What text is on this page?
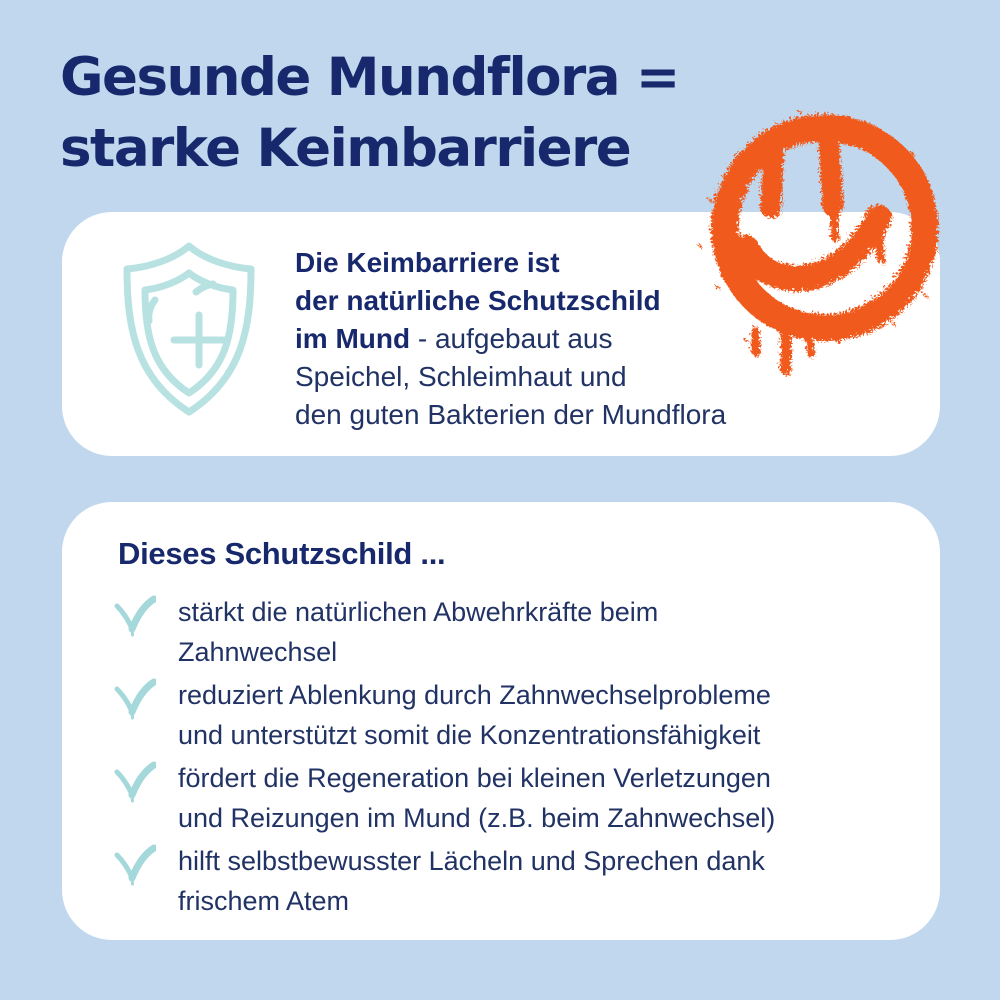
Gesunde Mundflora =
starke Keimbarriere
Die Keimbarriere ist
der natürliche Schutzschild
im Mund - aufgebaut aus
Speichel, Schleimhaut und
den guten Bakterien der Mundflora
Dieses Schutzschild ...
stärkt die natürlichen Abwehrkräfte beim
Zahnwechsel
reduziert Ablenkung durch Zahnwechselprobleme
und unterstützt somit die Konzentrationsfähigkeit
fördert die Regeneration bei kleinen Verletzungen
und Reizungen im Mund (z.B. beim Zahnwechsel)
hilft selbstbewusster Lächeln und Sprechen dank
frischem Atem
